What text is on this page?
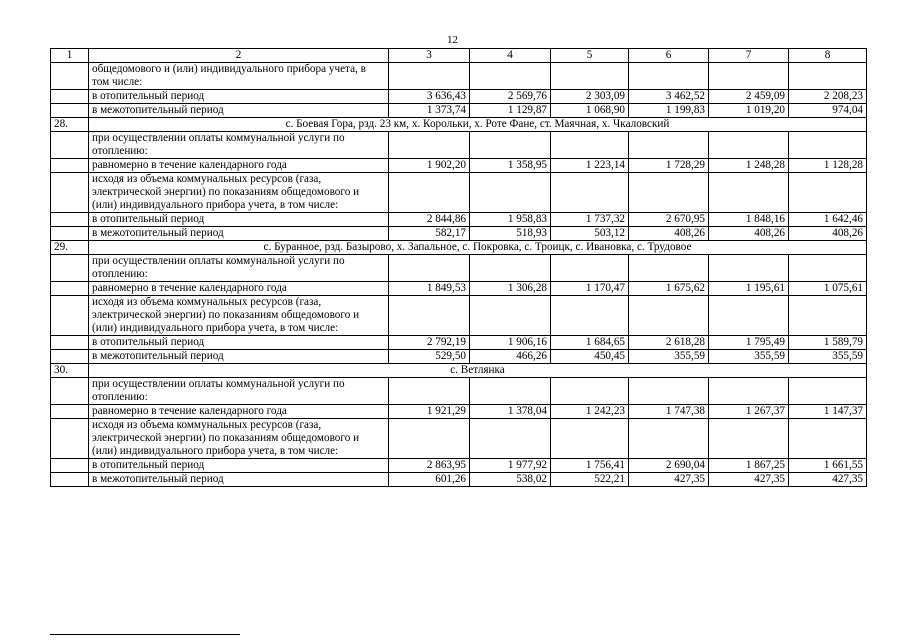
12
1	2	3	4	5	6	7	8
	общедомового и (или) индивидуального прибора учета, в том числе:						
	в отопительный период	3 636,43	2 569,76	2 303,09	3 462,52	2 459,09	2 208,23
	в межотопительный период	1 373,74	1 129,87	1 068,90	1 199,83	1 019,20	974,04
28.	с. Боевая Гора, рзд. 23 км, х. Корольки, х. Роте Фане, ст. Маячная, х. Чкаловский						
	при осуществлении оплаты коммунальной услуги по отоплению:						
	равномерно в течение календарного года	1 902,20	1 358,95	1 223,14	1 728,29	1 248,28	1 128,28
	исходя из объема коммунальных ресурсов (газа, электрической энергии) по показаниям общедомового и (или) индивидуального прибора учета, в том числе:						
	в отопительный период	2 844,86	1 958,83	1 737,32	2 670,95	1 848,16	1 642,46
	в межотопительный период	582,17	518,93	503,12	408,26	408,26	408,26
29.	с. Буранное, рзд. Базырово, х. Запальное, с. Покровка, с. Троицк, с. Ивановка, с. Трудовое						
	при осуществлении оплаты коммунальной услуги по отоплению:						
	равномерно в течение календарного года	1 849,53	1 306,28	1 170,47	1 675,62	1 195,61	1 075,61
	исходя из объема коммунальных ресурсов (газа, электрической энергии) по показаниям общедомового и (или) индивидуального прибора учета, в том числе:						
	в отопительный период	2 792,19	1 906,16	1 684,65	2 618,28	1 795,49	1 589,79
	в межотопительный период	529,50	466,26	450,45	355,59	355,59	355,59
30.	с. Ветлянка						
	при осуществлении оплаты коммунальной услуги по отоплению:						
	равномерно в течение календарного года	1 921,29	1 378,04	1 242,23	1 747,38	1 267,37	1 147,37
	исходя из объема коммунальных ресурсов (газа, электрической энергии) по показаниям общедомового и (или) индивидуального прибора учета, в том числе:						
	в отопительный период	2 863,95	1 977,92	1 756,41	2 690,04	1 867,25	1 661,55
	в межотопительный период	601,26	538,02	522,21	427,35	427,35	427,35
